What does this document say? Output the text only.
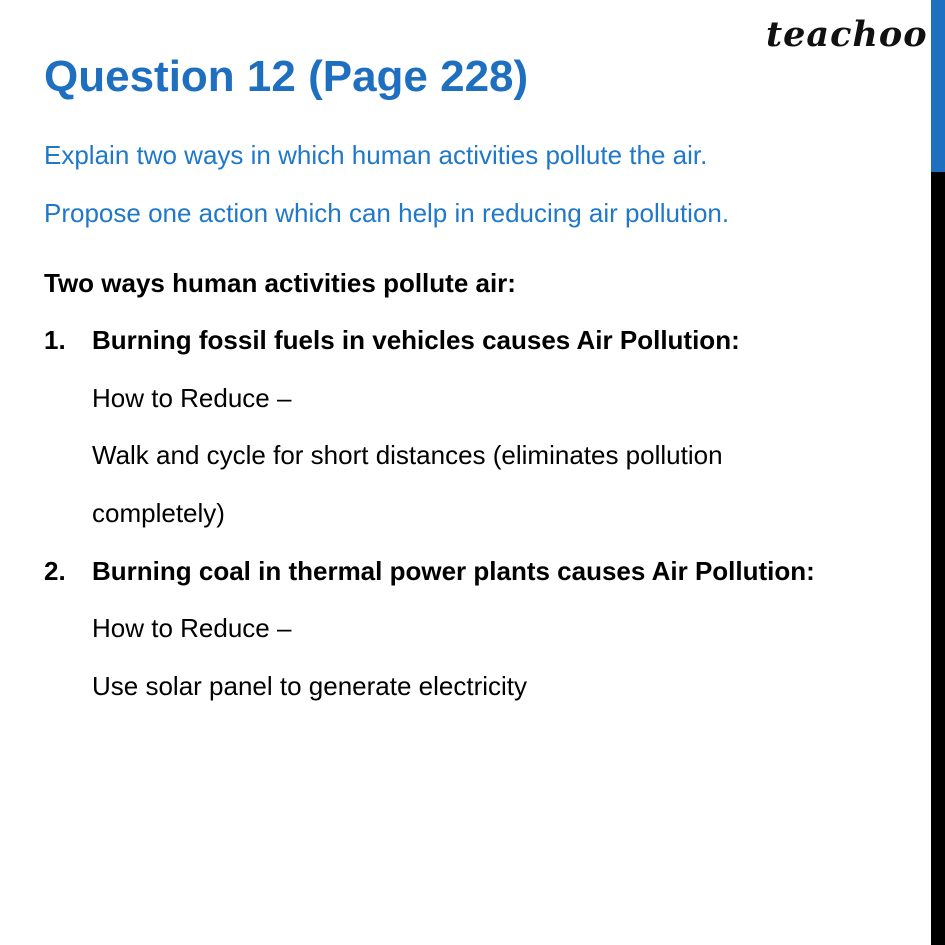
teachoo
Question 12 (Page 228)
Explain two ways in which human activities pollute the air.
Propose one action which can help in reducing air pollution.
Two ways human activities pollute air:
1. Burning fossil fuels in vehicles causes Air Pollution:
How to Reduce –
Walk and cycle for short distances (eliminates pollution
completely)
2. Burning coal in thermal power plants causes Air Pollution:
How to Reduce –
Use solar panel to generate electricity
